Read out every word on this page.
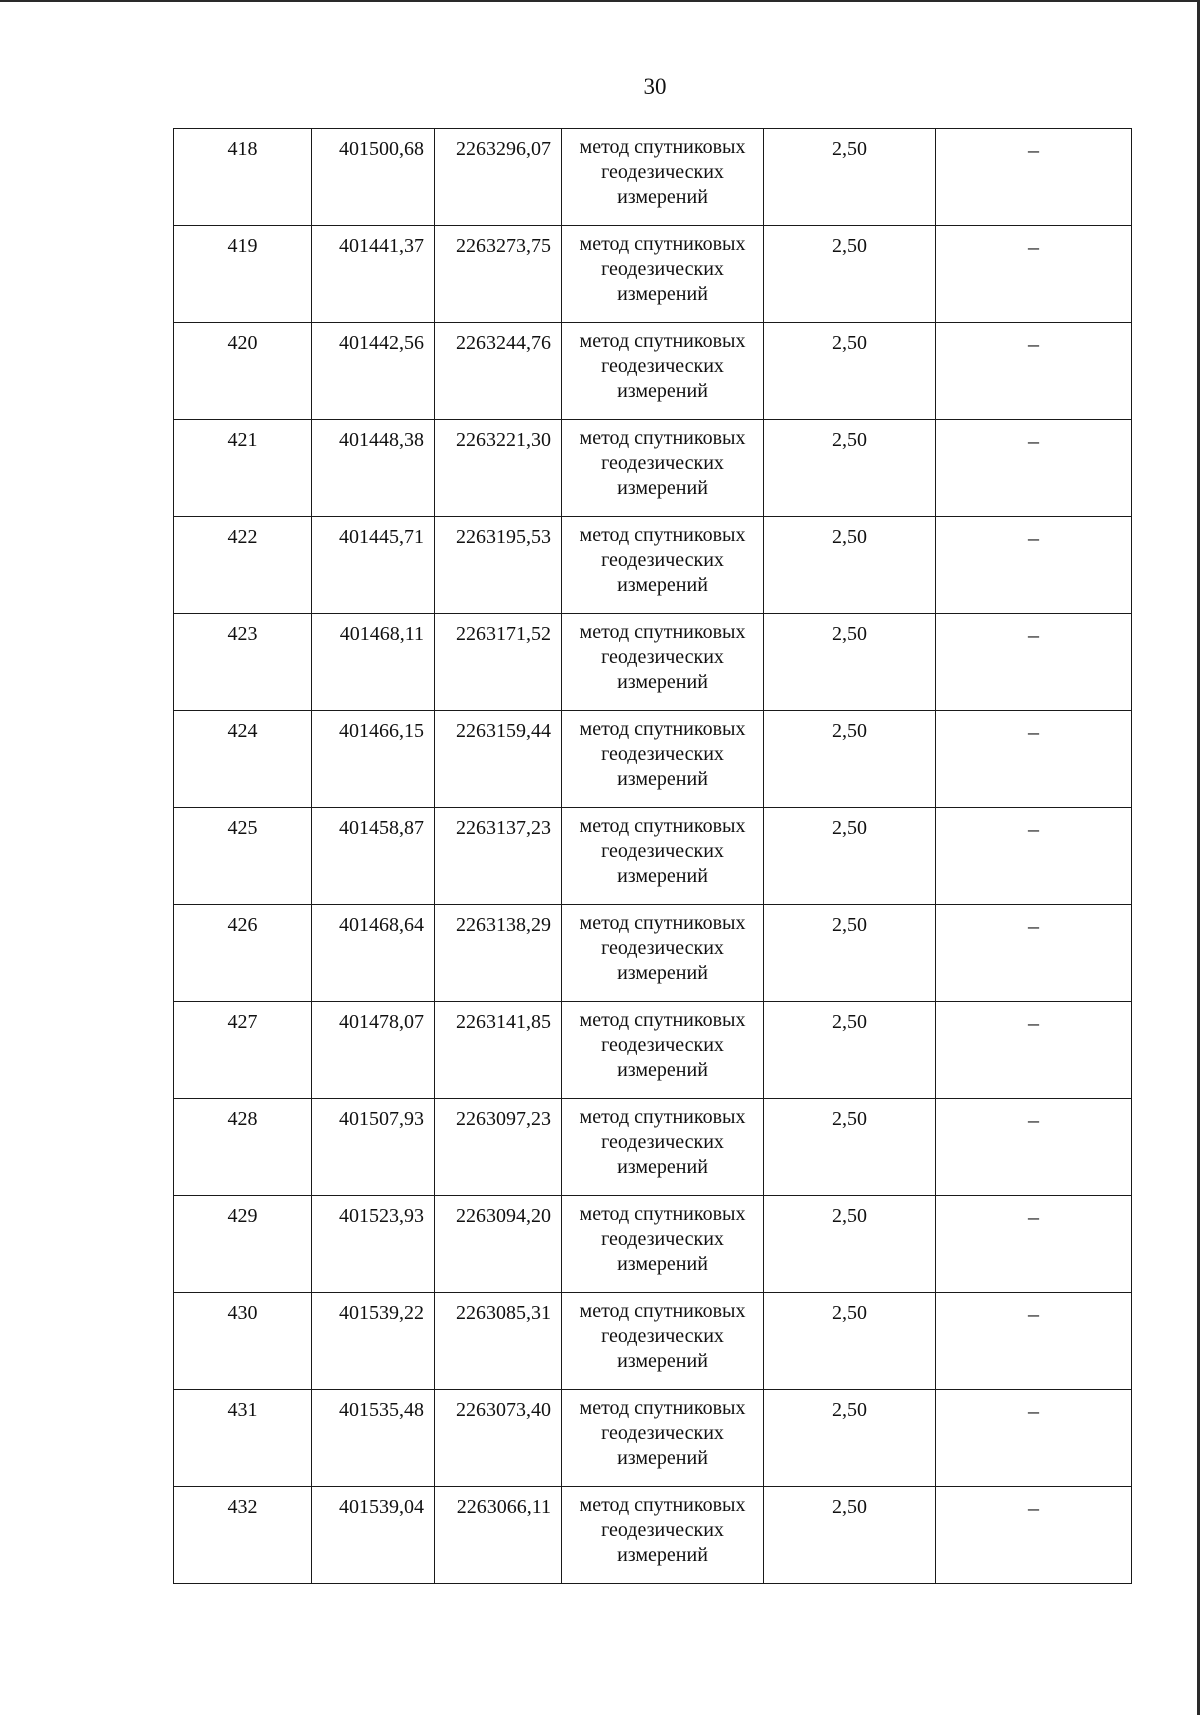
30
418	401500,68	2263296,07	метод спутниковых геодезических измерений	2,50	–
419	401441,37	2263273,75	метод спутниковых геодезических измерений	2,50	–
420	401442,56	2263244,76	метод спутниковых геодезических измерений	2,50	–
421	401448,38	2263221,30	метод спутниковых геодезических измерений	2,50	–
422	401445,71	2263195,53	метод спутниковых геодезических измерений	2,50	–
423	401468,11	2263171,52	метод спутниковых геодезических измерений	2,50	–
424	401466,15	2263159,44	метод спутниковых геодезических измерений	2,50	–
425	401458,87	2263137,23	метод спутниковых геодезических измерений	2,50	–
426	401468,64	2263138,29	метод спутниковых геодезических измерений	2,50	–
427	401478,07	2263141,85	метод спутниковых геодезических измерений	2,50	–
428	401507,93	2263097,23	метод спутниковых геодезических измерений	2,50	–
429	401523,93	2263094,20	метод спутниковых геодезических измерений	2,50	–
430	401539,22	2263085,31	метод спутниковых геодезических измерений	2,50	–
431	401535,48	2263073,40	метод спутниковых геодезических измерений	2,50	–
432	401539,04	2263066,11	метод спутниковых геодезических измерений	2,50	–
